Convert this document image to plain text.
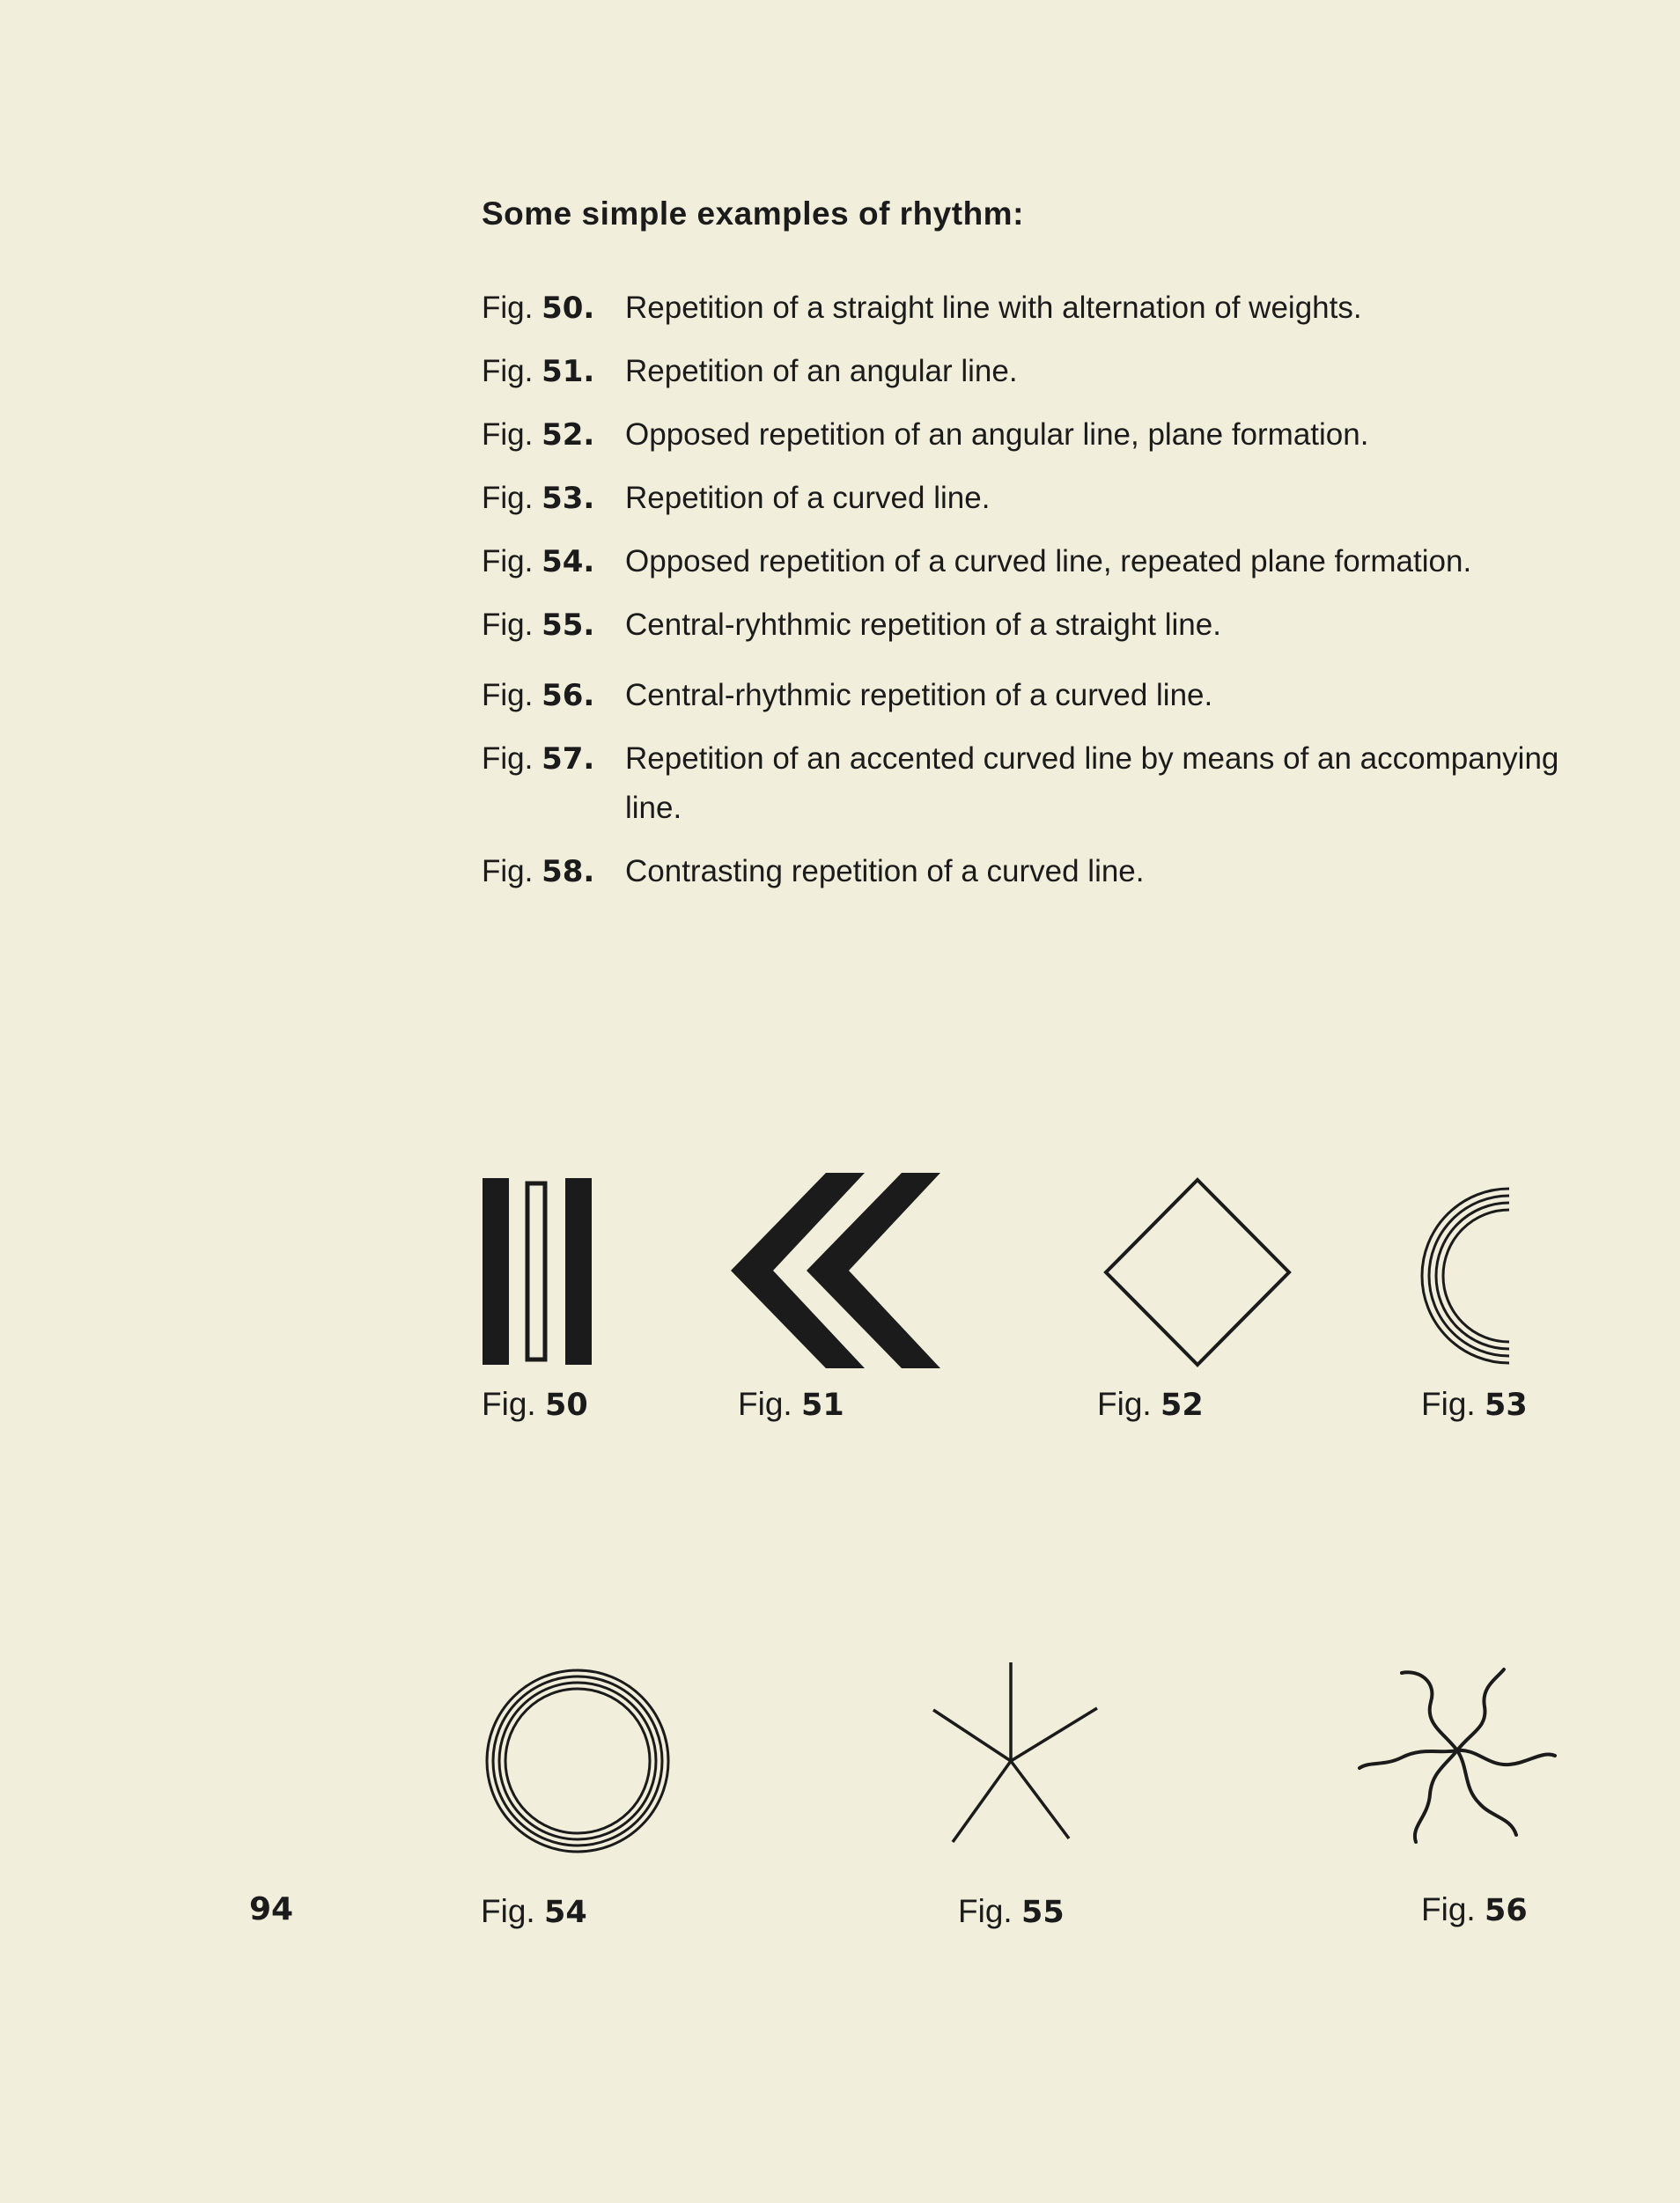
Some simple examples of rhythm:
Fig. 50. Repetition of a straight line with alternation of weights.
Fig. 51. Repetition of an angular line.
Fig. 52. Opposed repetition of an angular line, plane formation.
Fig. 53. Repetition of a curved line.
Fig. 54. Opposed repetition of a curved line, repeated plane formation.
Fig. 55. Central-ryhthmic repetition of a straight line.
Fig. 56. Central-rhythmic repetition of a curved line.
Fig. 57. Repetition of an accented curved line by means of an accompanying line.
Fig. 58. Contrasting repetition of a curved line.
Fig. 50	Fig. 51	Fig. 52	Fig. 53
Fig. 54	Fig. 55	Fig. 56
94
